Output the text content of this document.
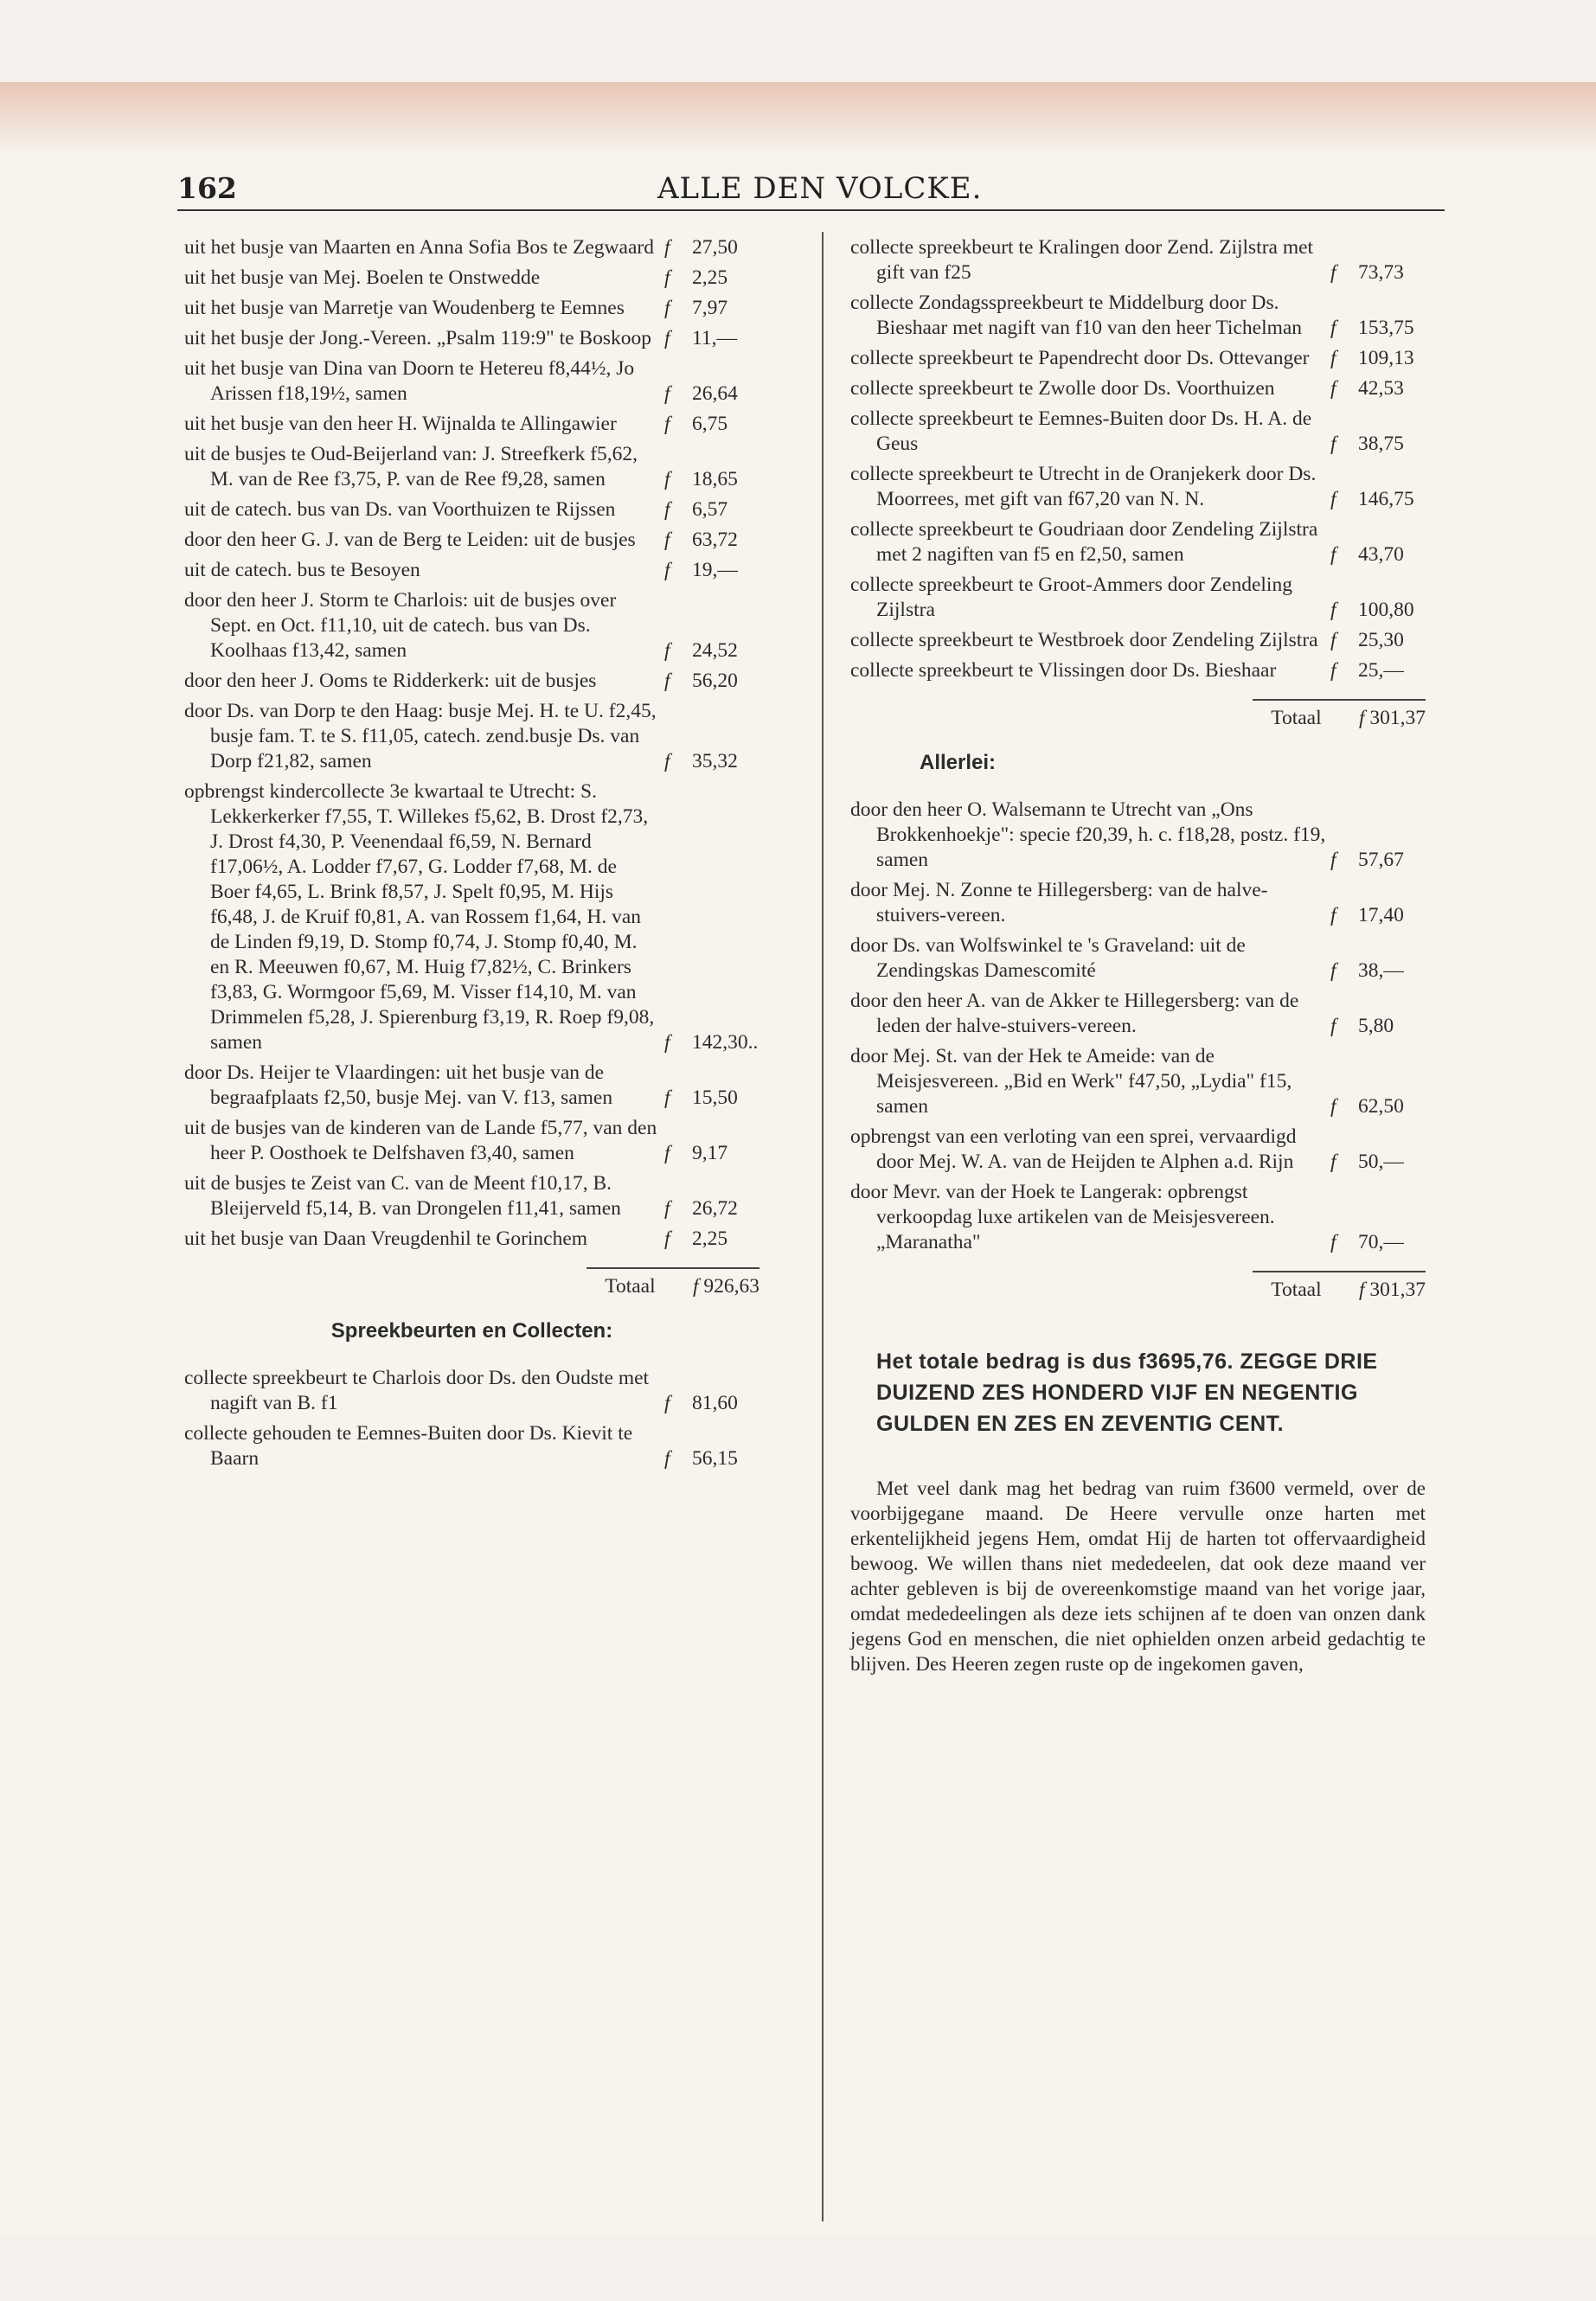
162	ALLE DEN VOLCKE.
uit het busje van Maarten en Anna Sofia Bos te Zegwaard f 27,50
uit het busje van Mej. Boelen te Onstwedde	f 2,25
uit het busje van Marretje van Woudenberg te Eemnes	f 7,97
uit het busje der Jong.-Vereen. „Psalm 119:9" te Boskoop f 11,—
uit het busje van Dina van Doorn te Hetereu f8,44½, Jo Arissen f18,19½, samen	f 26,64
uit het busje van den heer H. Wijnalda te Allingawier	f 6,75
uit de busjes te Oud-Beijerland van: J. Streefkerk f5,62, M. van de Ree f3,75, P. van de Ree f9,28, samen	f 18,65
uit de catech. bus van Ds. van Voorthuizen te Rijssen	f 6,57
door den heer G. J. van de Berg te Leiden: uit de busjes	f 63,72
uit de catech. bus te Besoyen	f 19,—
door den heer J. Storm te Charlois: uit de busjes over Sept. en Oct. f11,10, uit de catech. bus van Ds. Koolhaas f13,42, samen	f 24,52
door den heer J. Ooms te Ridderkerk: uit de busjes	f 56,20
door Ds. van Dorp te den Haag: busje Mej. H. te U. f2,45, busje fam. T. te S. f11,05, catech. zend.busje Ds. van Dorp f21,82, samen	f 35,32
opbrengst kindercollecte 3e kwartaal te Utrecht: S. Lekkerkerker f7,55, T. Willekes f5,62, B. Drost f2,73, J. Drost f4,30, P. Veenendaal f6,59, N. Bernard f17,06½, A. Lodder f7,67, G. Lodder f7,68, M. de Boer f4,65, L. Brink f8,57, J. Spelt f0,95, M. Hijs f6,48, J. de Kruif f0,81, A. van Rossem f1,64, H. van de Linden f9,19, D. Stomp f0,74, J. Stomp f0,40, M. en R. Meeuwen f0,67, M. Huig f7,82½, C. Brinkers f3,83, G. Wormgoor f5,69, M. Visser f14,10, M. van Drimmelen f5,28, J. Spierenburg f3,19, R. Roep f9,08, samen	f 142,30..
door Ds. Heijer te Vlaardingen: uit het busje van de begraafplaats f2,50, busje Mej. van V. f13, samen	f 15,50
uit de busjes van de kinderen van de Lande f5,77, van den heer P. Oosthoek te Delfshaven f3,40, samen	f 9,17
uit de busjes te Zeist van C. van de Meent f10,17, B. Bleijerveld f5,14, B. van Drongelen f11,41, samen	f 26,72
uit het busje van Daan Vreugdenhil te Gorinchem	f 2,25
Totaal f 926,63
Spreekbeurten en Collecten:
collecte spreekbeurt te Charlois door Ds. den Oudste met nagift van B. f1	f 81,60
collecte gehouden te Eemnes-Buiten door Ds. Kievit te Baarn	f 56,15
collecte spreekbeurt te Kralingen door Zend. Zijlstra met gift van f25	f 73,73
collecte Zondagsspreekbeurt te Middelburg door Ds. Bieshaar met nagift van f10 van den heer Tichelman	f 153,75
collecte spreekbeurt te Papendrecht door Ds. Ottevanger	f 109,13
collecte spreekbeurt te Zwolle door Ds. Voorthuizen	f 42,53
collecte spreekbeurt te Eemnes-Buiten door Ds. H. A. de Geus	f 38,75
collecte spreekbeurt te Utrecht in de Oranjekerk door Ds. Moorrees, met gift van f67,20 van N. N.	f 146,75
collecte spreekbeurt te Goudriaan door Zendeling Zijlstra met 2 nagiften van f5 en f2,50, samen	f 43,70
collecte spreekbeurt te Groot-Ammers door Zendeling Zijlstra	f 100,80
collecte spreekbeurt te Westbroek door Zendeling Zijlstra f 25,30
collecte spreekbeurt te Vlissingen door Ds. Bieshaar	f 25,—
Totaal f 301,37
Allerlei:
door den heer O. Walsemann te Utrecht van „Ons Brokkenhoekje": specie f20,39, h. c. f18,28, postz. f19, samen	f 57,67
door Mej. N. Zonne te Hillegersberg: van de halve-stuivers-vereen.	f 17,40
door Ds. van Wolfswinkel te 's Graveland: uit de Zendingskas Damescomité	f 38,—
door den heer A. van de Akker te Hillegersberg: van de leden der halve-stuivers-vereen.	f 5,80
door Mej. St. van der Hek te Ameide: van de Meisjesvereen. „Bid en Werk" f47,50, „Lydia" f15, samen	f 62,50
opbrengst van een verloting van een sprei, vervaardigd door Mej. W. A. van de Heijden te Alphen a.d. Rijn	f 50,—
door Mevr. van der Hoek te Langerak: opbrengst verkoopdag luxe artikelen van de Meisjesvereen. „Maranatha"	f 70,—
Totaal f 301,37
Het totale bedrag is dus f3695,76. ZEGGE DRIE DUIZEND ZES HONDERD VIJF EN NEGENTIG GULDEN EN ZES EN ZEVENTIG CENT.

Met veel dank mag het bedrag van ruim f3600 vermeld, over de voorbijgegane maand. De Heere vervulle onze harten met erkentelijkheid jegens Hem, omdat Hij de harten tot offervaardigheid bewoog. We willen thans niet mededeelen, dat ook deze maand ver achter gebleven is bij de overeenkomstige maand van het vorige jaar, omdat mededeelingen als deze iets schijnen af te doen van onzen dank jegens God en menschen, die niet ophielden onzen arbeid gedachtig te blijven. Des Heeren zegen ruste op de ingekomen gaven,
